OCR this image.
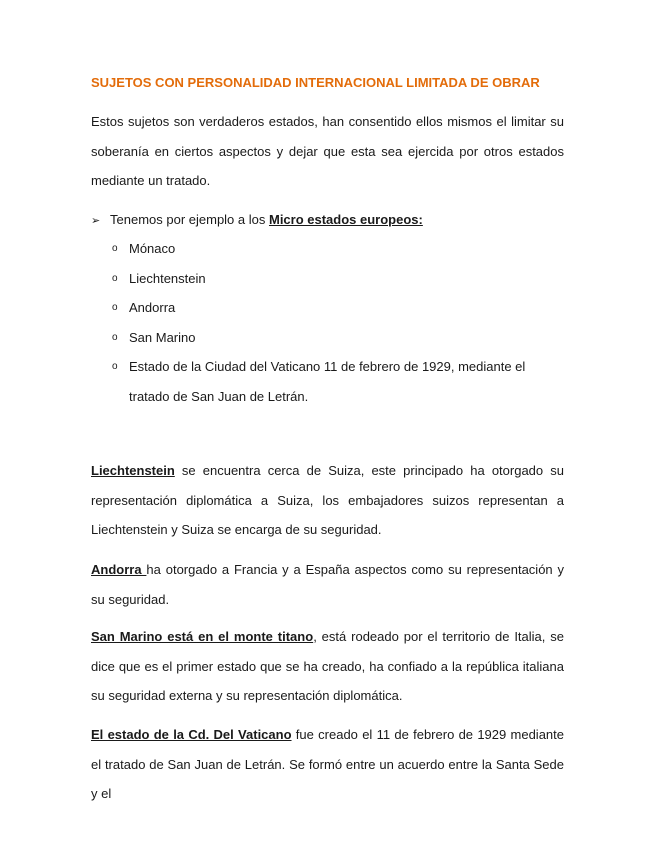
SUJETOS CON PERSONALIDAD INTERNACIONAL LIMITADA DE OBRAR

Estos sujetos son verdaderos estados, han consentido ellos mismos el limitar su soberanía en ciertos aspectos y dejar que esta sea ejercida por otros estados mediante un tratado.

➢ Tenemos por ejemplo a los Micro estados europeos:
o Mónaco
o Liechtenstein
o Andorra
o San Marino
o Estado de la Ciudad del Vaticano 11 de febrero de 1929, mediante el tratado de San Juan de Letrán.

Liechtenstein se encuentra cerca de Suiza, este principado ha otorgado su representación diplomática a Suiza, los embajadores suizos representan a Liechtenstein y Suiza se encarga de su seguridad.

Andorra ha otorgado a Francia y a España aspectos como su representación y su seguridad.

San Marino está en el monte titano, está rodeado por el territorio de Italia, se dice que es el primer estado que se ha creado, ha confiado a la república italiana su seguridad externa y su representación diplomática.

El estado de la Cd. Del Vaticano fue creado el 11 de febrero de 1929 mediante el tratado de San Juan de Letrán. Se formó entre un acuerdo entre la Santa Sede y el
